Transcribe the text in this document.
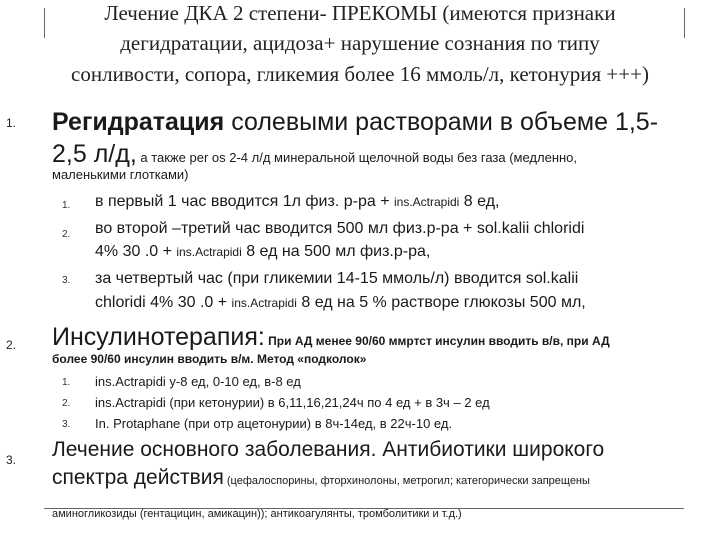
Лечение ДКА 2 степени- ПРЕКОМЫ (имеются признаки
дегидратации, ацидоза+ нарушение сознания по типу
сонливости, сопора, гликемия более 16 ммоль/л, кетонурия +++)
1. Регидратация солевыми растворами в объеме 1,5-
2,5 л/д, а также per os 2-4 л/д минеральной щелочной воды без газа (медленно,
маленькими глотками)
1. в первый 1 час вводится 1л физ. р-ра + ins.Actrapidi 8 ед,
2. во второй –третий час вводится 500 мл физ.р-ра + sol.kalii chloridi
4% 30 .0 + ins.Actrapidi 8 ед на 500 мл физ.р-ра,
3. за четвертый час (при гликемии 14-15 ммоль/л) вводится sol.kalii
chloridi 4% 30 .0 + ins.Actrapidi 8 ед на 5 % растворе глюкозы 500 мл,
2. Инсулинотерапия: При АД менее 90/60 ммртст инсулин вводить в/в, при АД
более 90/60 инсулин вводить в/м. Метод «подколок»
1. ins.Actrapidi у-8 ед, 0-10 ед, в-8 ед
2. ins.Actrapidi (при кетонурии) в 6,11,16,21,24ч по 4 ед + в 3ч – 2 ед
3. In. Protaphane (при отр ацетонурии) в 8ч-14ед, в 22ч-10 ед.
3. Лечение основного заболевания. Антибиотики широкого
спектра действия (цефалоспорины, фторхинолоны, метрогил; категорически запрещены
аминогликозиды (гентацицин, амикацин)); антикоагулянты, тромболитики и т.д.)
